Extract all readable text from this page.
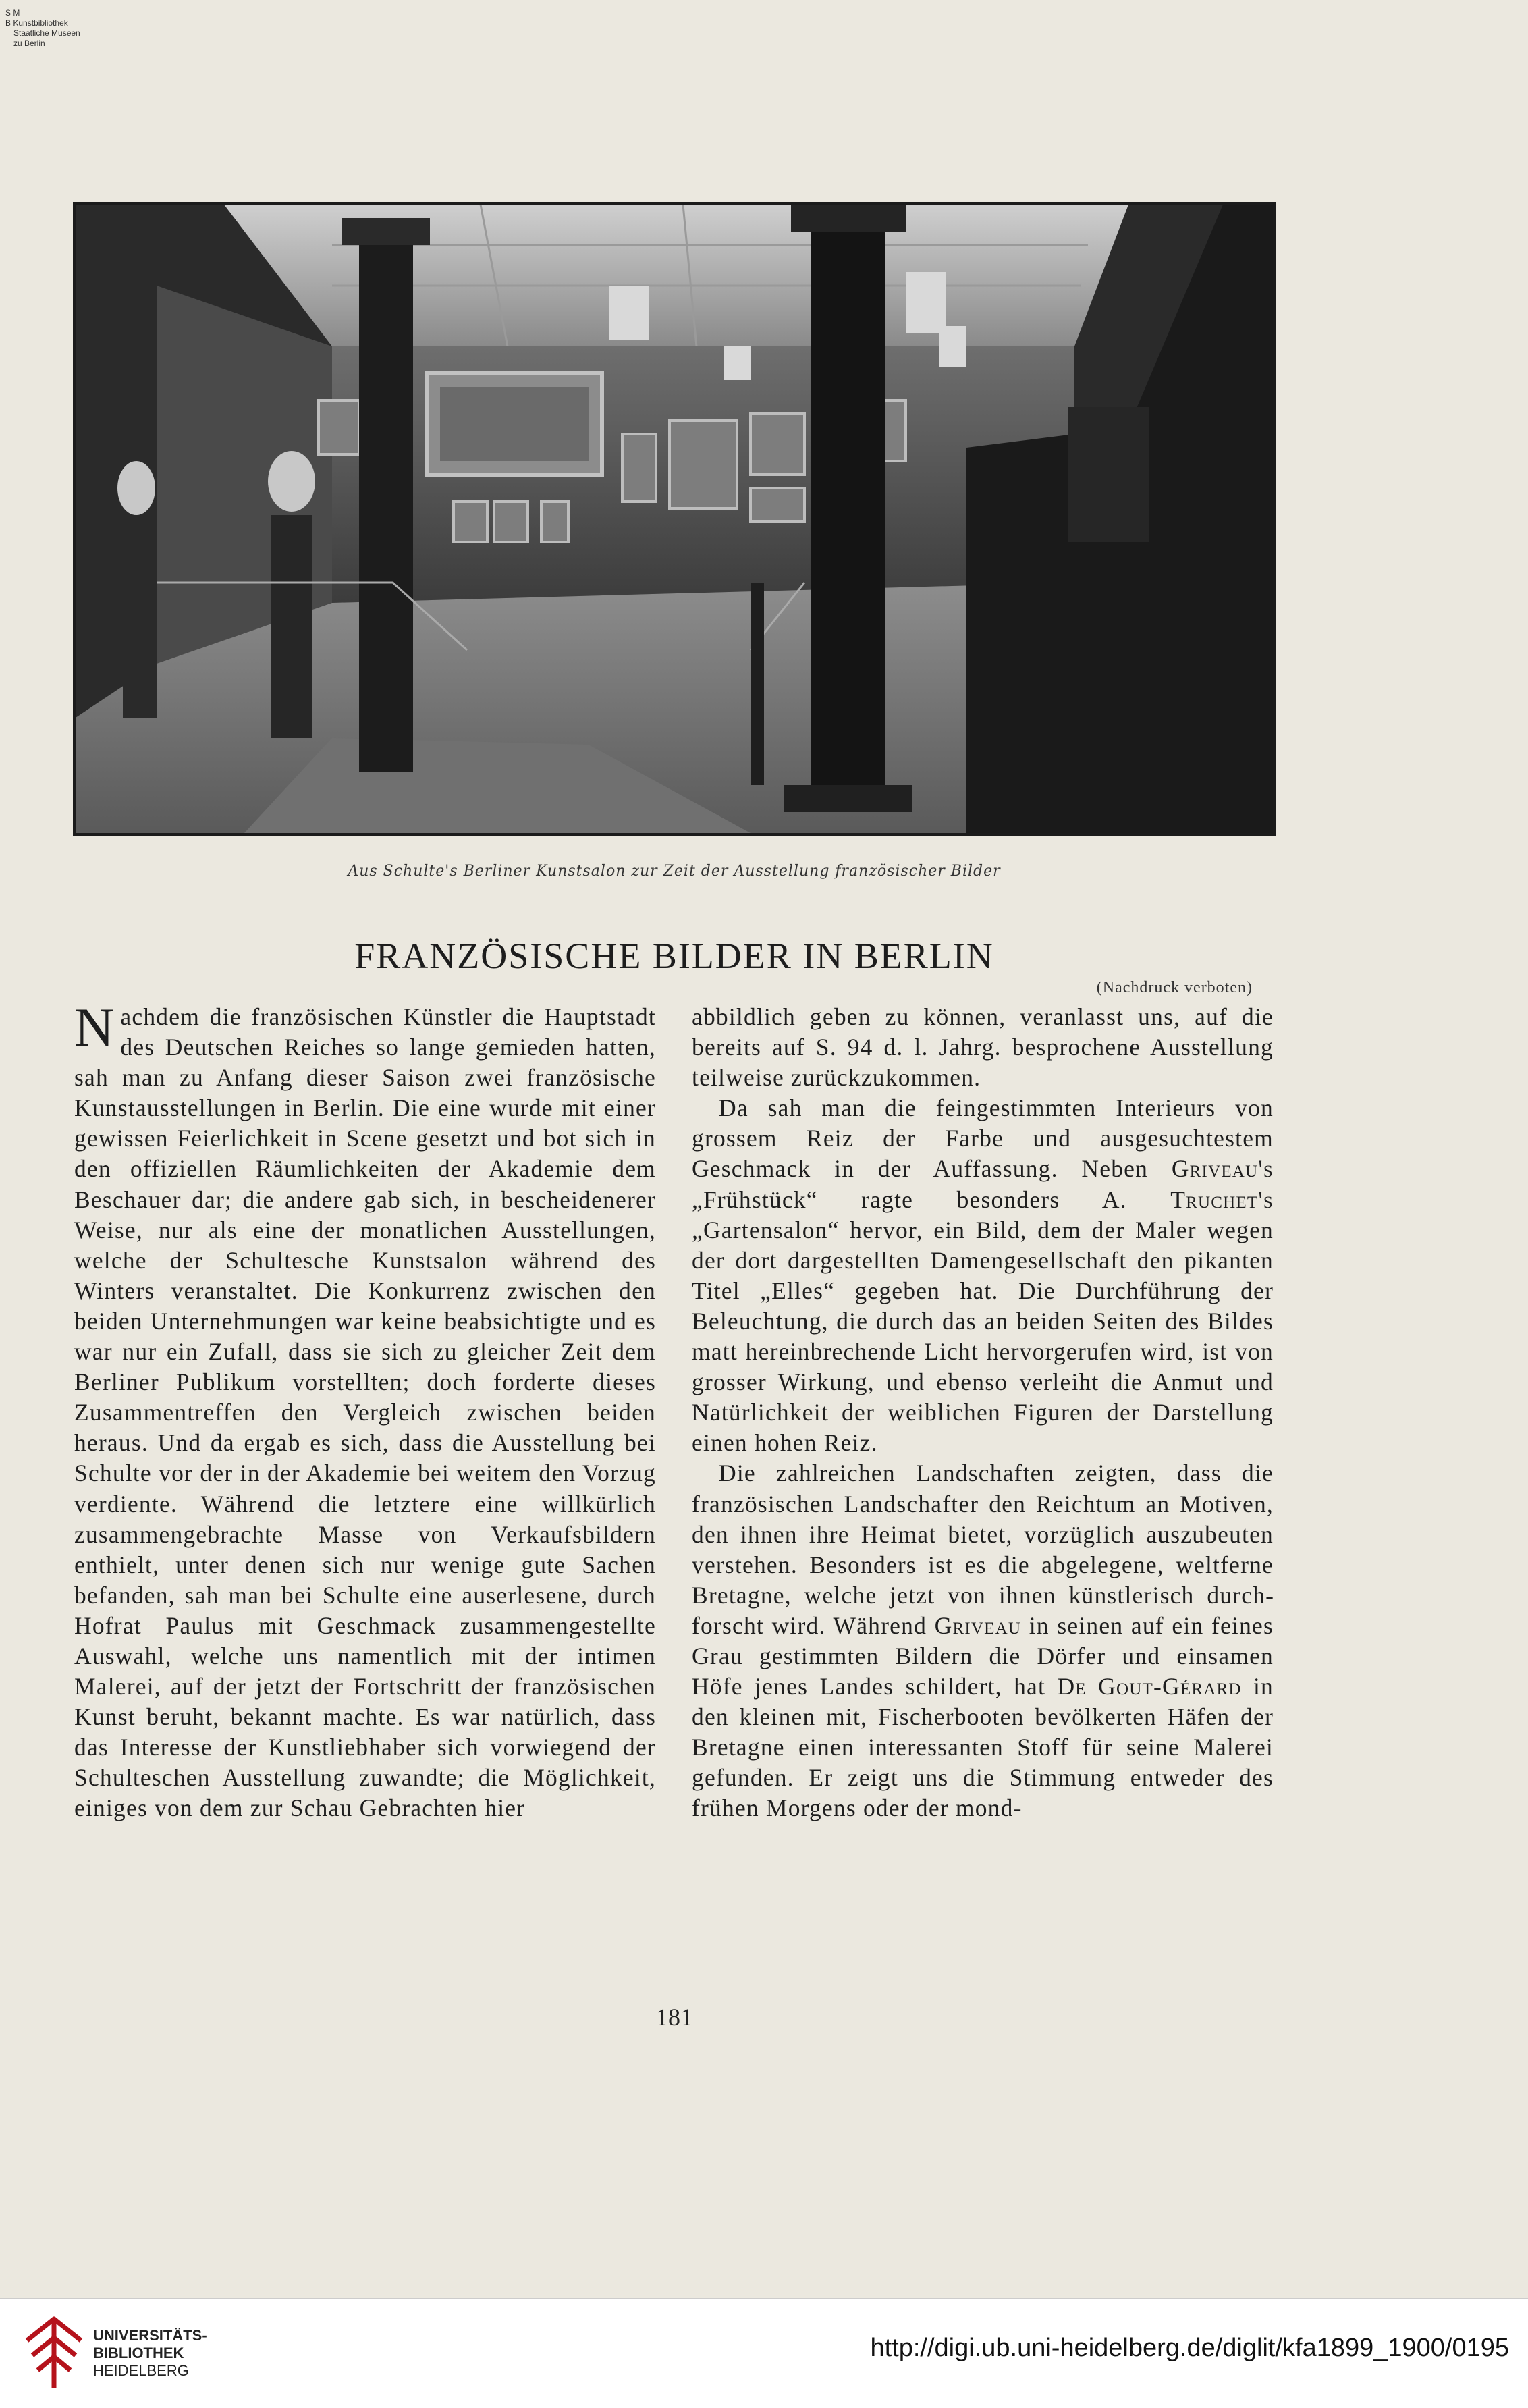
S M
B Kunstbibliothek
Staatliche Museen
zu Berlin
Aus Schulte's Berliner Kunstsalon zur Zeit der Ausstellung französischer Bilder
FRANZÖSISCHE BILDER IN BERLIN
(Nachdruck verboten)

Nachdem die französischen Künstler die Hauptstadt des Deutschen Reiches so lange gemieden hatten, sah man zu Anfang dieser Saison zwei französische Kunstausstellungen in Berlin. Die eine wurde mit einer gewissen Feierlichkeit in Scene gesetzt und bot sich in den offiziellen Räumlichkeiten der Akademie dem Beschauer dar; die andere gab sich, in bescheidenerer Weise, nur als eine der monatlichen Ausstellungen, welche der Schultesche Kunstsalon während des Winters veranstaltet. Die Konkurrenz zwischen den beiden Unternehmungen war keine beabsichtigte und es war nur ein Zufall, dass sie sich zu gleicher Zeit dem Berliner Publikum vorstellten; doch forderte dieses Zusammentreffen den Vergleich zwischen beiden heraus. Und da ergab es sich, dass die Ausstellung bei Schulte vor der in der Akademie bei weitem den Vorzug verdiente. Während die letztere eine willkürlich zusammengebrachte Masse von Verkaufsbildern enthielt, unter denen sich nur wenige gute Sachen befanden, sah man bei Schulte eine auserlesene, durch Hofrat Paulus mit Geschmack zusammengestellte Auswahl, welche uns namentlich mit der intimen Malerei, auf der jetzt der Fortschritt der französischen Kunst beruht, bekannt machte. Es war natürlich, dass das Interesse der Kunstliebhaber sich vorwiegend der Schulteschen Ausstellung zuwandte; die Möglichkeit, einiges von dem zur Schau Gebrachten hier

abbildlich geben zu können, veranlasst uns, auf die bereits auf S. 94 d. l. Jahrg. besprochene Ausstellung teilweise zurückzukommen.

Da sah man die feingestimmten Interieurs von grossem Reiz der Farbe und ausgesuchtestem Geschmack in der Auffassung. Neben Griveau's „Frühstück“ ragte besonders A. Truchet's „Gartensalon“ hervor, ein Bild, dem der Maler wegen der dort dargestellten Damengesellschaft den pikanten Titel „Elles“ gegeben hat. Die Durchführung der Beleuchtung, die durch das an beiden Seiten des Bildes matt hereinbrechende Licht hervorgerufen wird, ist von grosser Wirkung, und ebenso verleiht die Anmut und Natürlichkeit der weiblichen Figuren der Darstellung einen hohen Reiz.

Die zahlreichen Landschaften zeigten, dass die französischen Landschafter den Reichtum an Motiven, den ihnen ihre Heimat bietet, vorzüglich auszubeuten verstehen. Besonders ist es die abgelegene, weltferne Bretagne, welche jetzt von ihnen künstlerisch durchforscht wird. Während Griveau in seinen auf ein feines Grau gestimmten Bildern die Dörfer und einsamen Höfe jenes Landes schildert, hat De Gout-Gérard in den kleinen mit, Fischerbooten bevölkerten Häfen der Bretagne einen interessanten Stoff für seine Malerei gefunden. Er zeigt uns die Stimmung entweder des frühen Morgens oder der mond-

181
UNIVERSITÄTS-
BIBLIOTHEK
HEIDELBERG
http://digi.ub.uni-heidelberg.de/diglit/kfa1899_1900/0195
